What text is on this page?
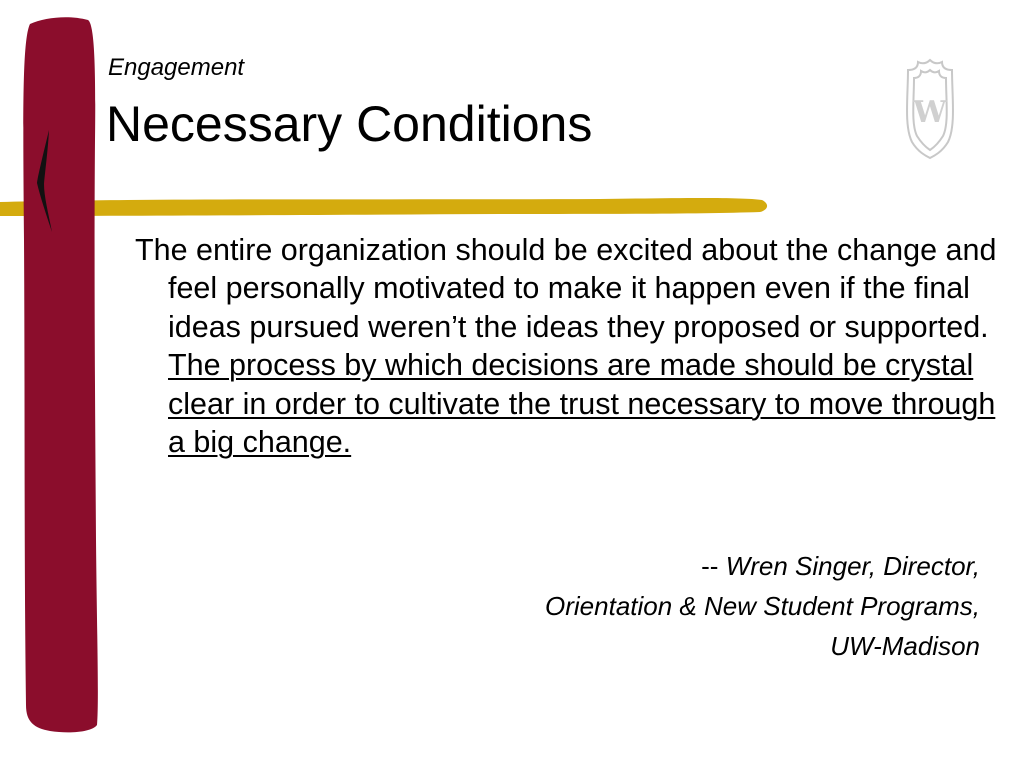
W

Engagement

Necessary Conditions

The entire organization should be excited about the change and feel personally motivated to make it happen even if the final ideas pursued weren’t the ideas they proposed or supported.  The process by which decisions are made should be crystal clear in order to cultivate the trust necessary to move through a big change.

-- Wren Singer, Director,
Orientation & New Student Programs,
UW-Madison
